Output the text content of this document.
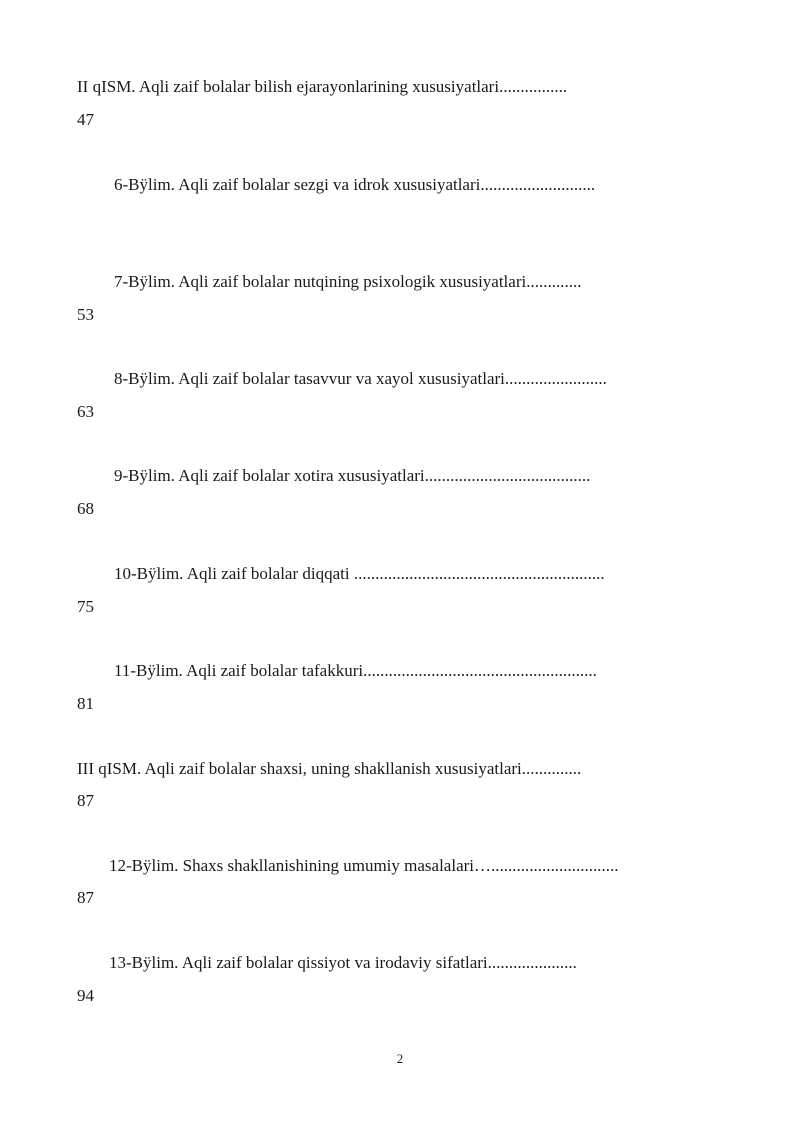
II qISM. Aqli zaif bolalar bilish ejarayonlarining xususiyatlari................

47

6-Bÿlim. Aqli zaif bolalar sezgi va idrok xususiyatlari...........................

7-Bÿlim. Aqli zaif bolalar nutqining psixologik xususiyatlari.............

53

8-Bÿlim. Aqli zaif bolalar tasavvur va xayol xususiyatlari........................

63

9-Bÿlim. Aqli zaif bolalar xotira xususiyatlari.......................................

68

10-Bÿlim. Aqli zaif bolalar diqqati ...........................................................

75

11-Bÿlim. Aqli zaif bolalar tafakkuri.......................................................

81

III qISM. Aqli zaif bolalar shaxsi, uning shakllanish xususiyatlari..............

87

12-Bÿlim. Shaxs shakllanishining umumiy masalalari…..............................

87

13-Bÿlim. Aqli zaif bolalar qissiyot va irodaviy sifatlari.....................

94

2
